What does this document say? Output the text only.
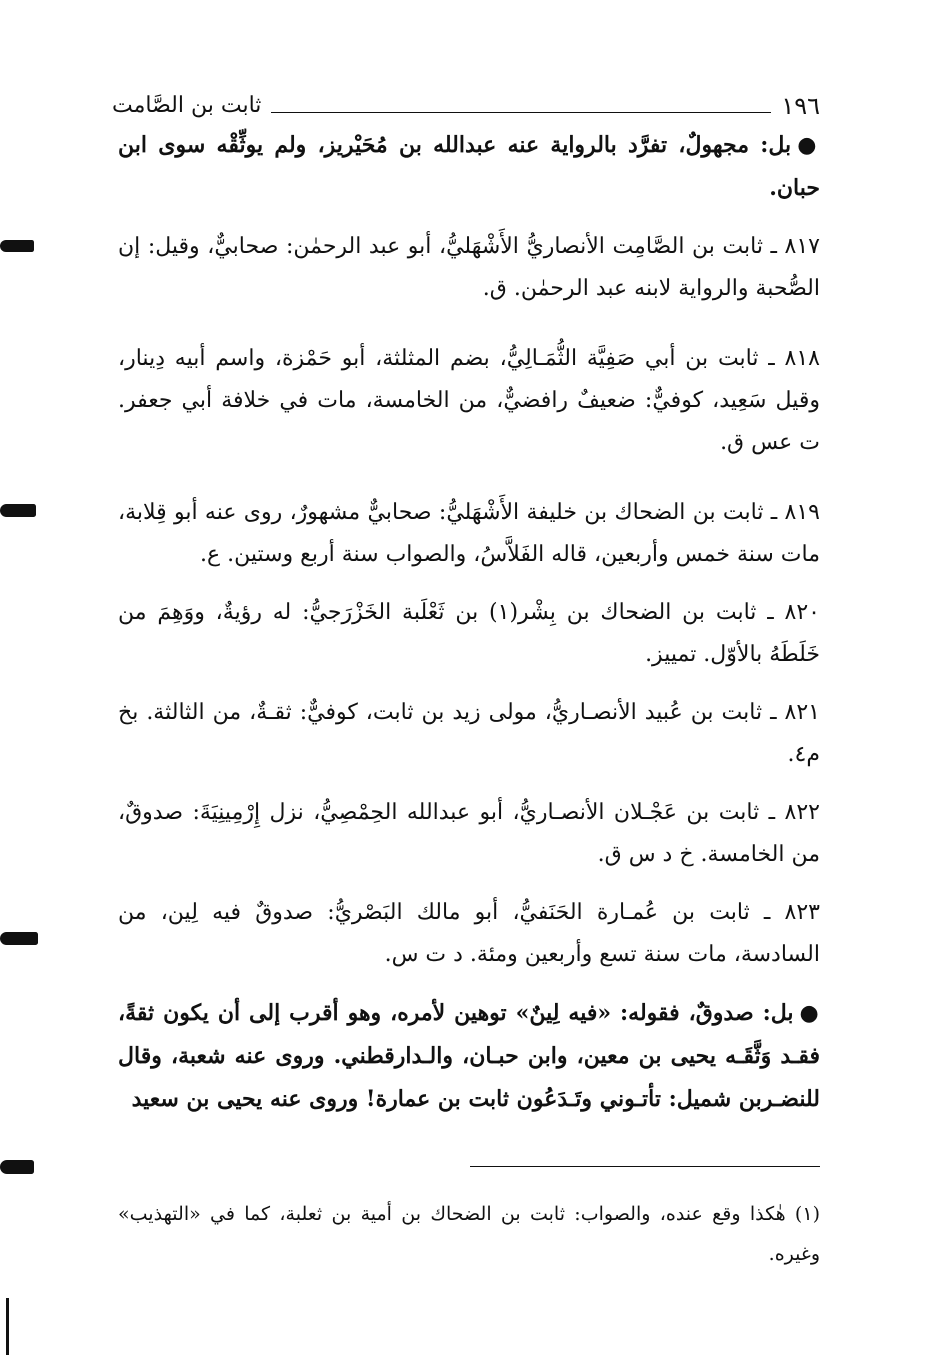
١٩٦
ثابت بن الصَّامت

●بل: مجهولٌ، تفرَّد بالرواية عنه عبدالله بن مُحَيْريز، ولم يوثِّقْه سوى ابن حبان.

٨١٧ ـ ثابت بن الصَّامِت الأنصاريُّ الأَشْهَليُّ، أبو عبد الرحمٰن: صحابيٌّ، وقيل: إن الصُّحبة والرواية لابنه عبد الرحمٰن. ق.

٨١٨ ـ ثابت بن أبي صَفِيَّة الثُّمَـالِيُّ، بضم المثلثة، أبو حَمْزة، واسم أبيه دِينار، وقيل سَعِيد، كوفيٌّ: ضعيفٌ رافضيٌّ، من الخامسة، مات في خلافة أبي جعفر. ت عس ق.

٨١٩ ـ ثابت بن الضحاك بن خليفة الأَشْهَليُّ: صحابيٌّ مشهورٌ، روى عنه أبو قِلابة، مات سنة خمس وأربعين، قاله الفَلاَّسُ، والصواب سنة أربع وستين. ع.

٨٢٠ ـ ثابت بن الضحاك بن بِشْر(١) بن ثَعْلَبة الخَزْرَجيُّ: له رؤيةٌ، ووَهِمَ من خَلَطَهُ بالأوّل. تمييز.

٨٢١ ـ ثابت بن عُبيد الأنصـاريُّ، مولى زيد بن ثابت، كوفيٌّ: ثقـةٌ، من الثالثة. بخ م٤.

٨٢٢ ـ ثابت بن عَجْـلان الأنصـاريُّ، أبو عبدالله الحِمْصِيُّ، نزل إِرْمِينِيَةَ: صدوقٌ، من الخامسة. خ د س ق.

٨٢٣ ـ ثابت بن عُمـارة الحَنَفيُّ، أبو مالك البَصْريُّ: صدوقٌ فيه لِين، من السادسة، مات سنة تسع وأربعين ومئة. د ت س.

●بل: صدوقٌ، فقوله: «فيه لِينٌ» توهين لأمره، وهو أقرب إلى أن يكون ثقةً، فقـد وَثَّقَـه يحيى بن معين، وابن حبـان، والـدارقطني. وروى عنه شعبة، وقال للنضـربن شميل: تأتـوني وتَـدَعُون ثابت بن عمارة! وروى عنه يحيى بن سعيد

(١) هٰكذا وقع عنده، والصواب: ثابت بن الضحاك بن أمية بن ثعلبة، كما في «التهذيب» وغيره.
